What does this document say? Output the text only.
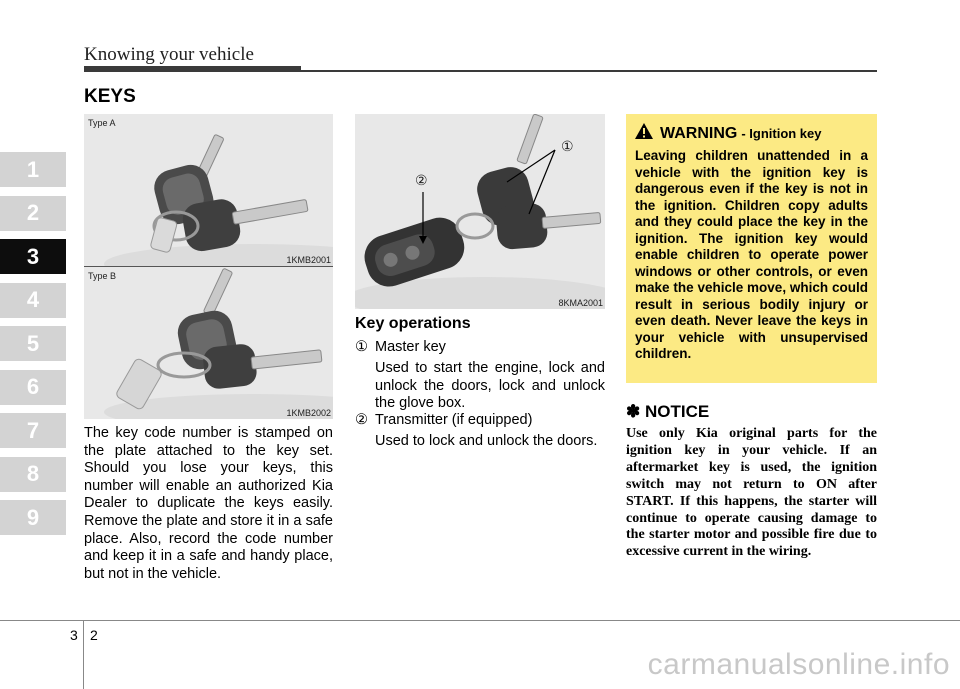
Knowing your vehicle
KEYS
1
2
3
4
5
6
7
8
9
Type A
1KMB2001
Type B
1KMB2002
①
②
8KMA2001
The key code number is stamped on the plate attached to the key set. Should you lose your keys, this number will enable an authorized Kia Dealer to duplicate the keys easily. Remove the plate and store it in a safe place. Also, record the code number and keep it in a safe and handy place, but not in the vehicle.
Key operations
① Master key
Used to start the engine, lock and unlock the doors, lock and unlock the glove box.
② Transmitter (if equipped)
Used to lock and unlock the doors.
WARNING - Ignition key
Leaving children unattended in a vehicle with the ignition key is dangerous even if the key is not in the ignition. Children copy adults and they could place the key in the ignition. The ignition key would enable children to operate power windows or other controls, or even make the vehicle move, which could result in serious bodily injury or even death. Never leave the keys in your vehicle with unsupervised children.
✽ NOTICE
Use only Kia original parts for the ignition key in your vehicle. If an aftermarket key is used, the ignition switch may not return to ON after START. If this happens, the starter will continue to operate causing damage to the starter motor and possible fire due to excessive current in the wiring.
3 2
carmanualsonline.info
